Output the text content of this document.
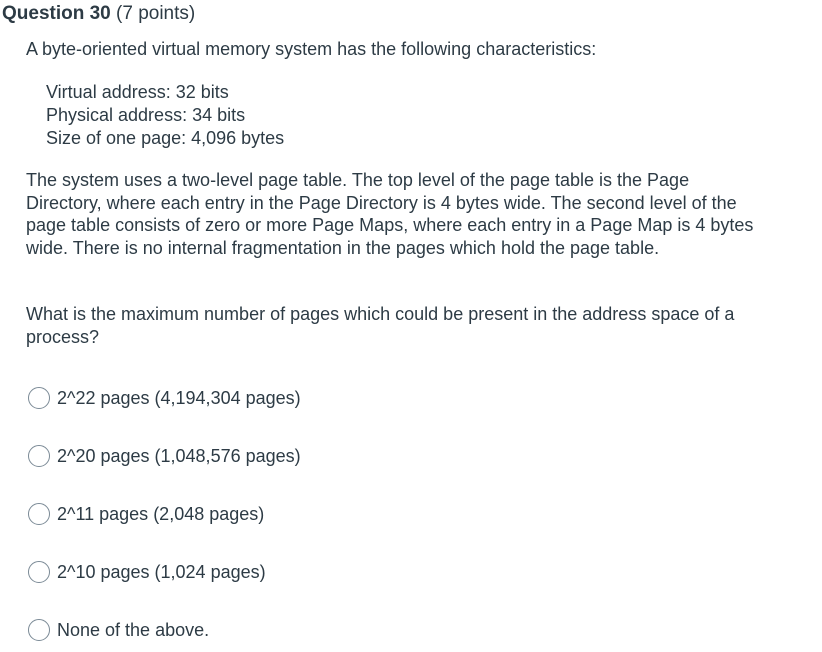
Question 30 (7 points)
A byte-oriented virtual memory system has the following characteristics:
Virtual address: 32 bits
Physical address: 34 bits
Size of one page: 4,096 bytes
The system uses a two-level page table. The top level of the page table is the Page Directory, where each entry in the Page Directory is 4 bytes wide. The second level of the page table consists of zero or more Page Maps, where each entry in a Page Map is 4 bytes wide. There is no internal fragmentation in the pages which hold the page table.
What is the maximum number of pages which could be present in the address space of a process?
2^22 pages (4,194,304 pages)
2^20 pages (1,048,576 pages)
2^11 pages (2,048 pages)
2^10 pages (1,024 pages)
None of the above.
